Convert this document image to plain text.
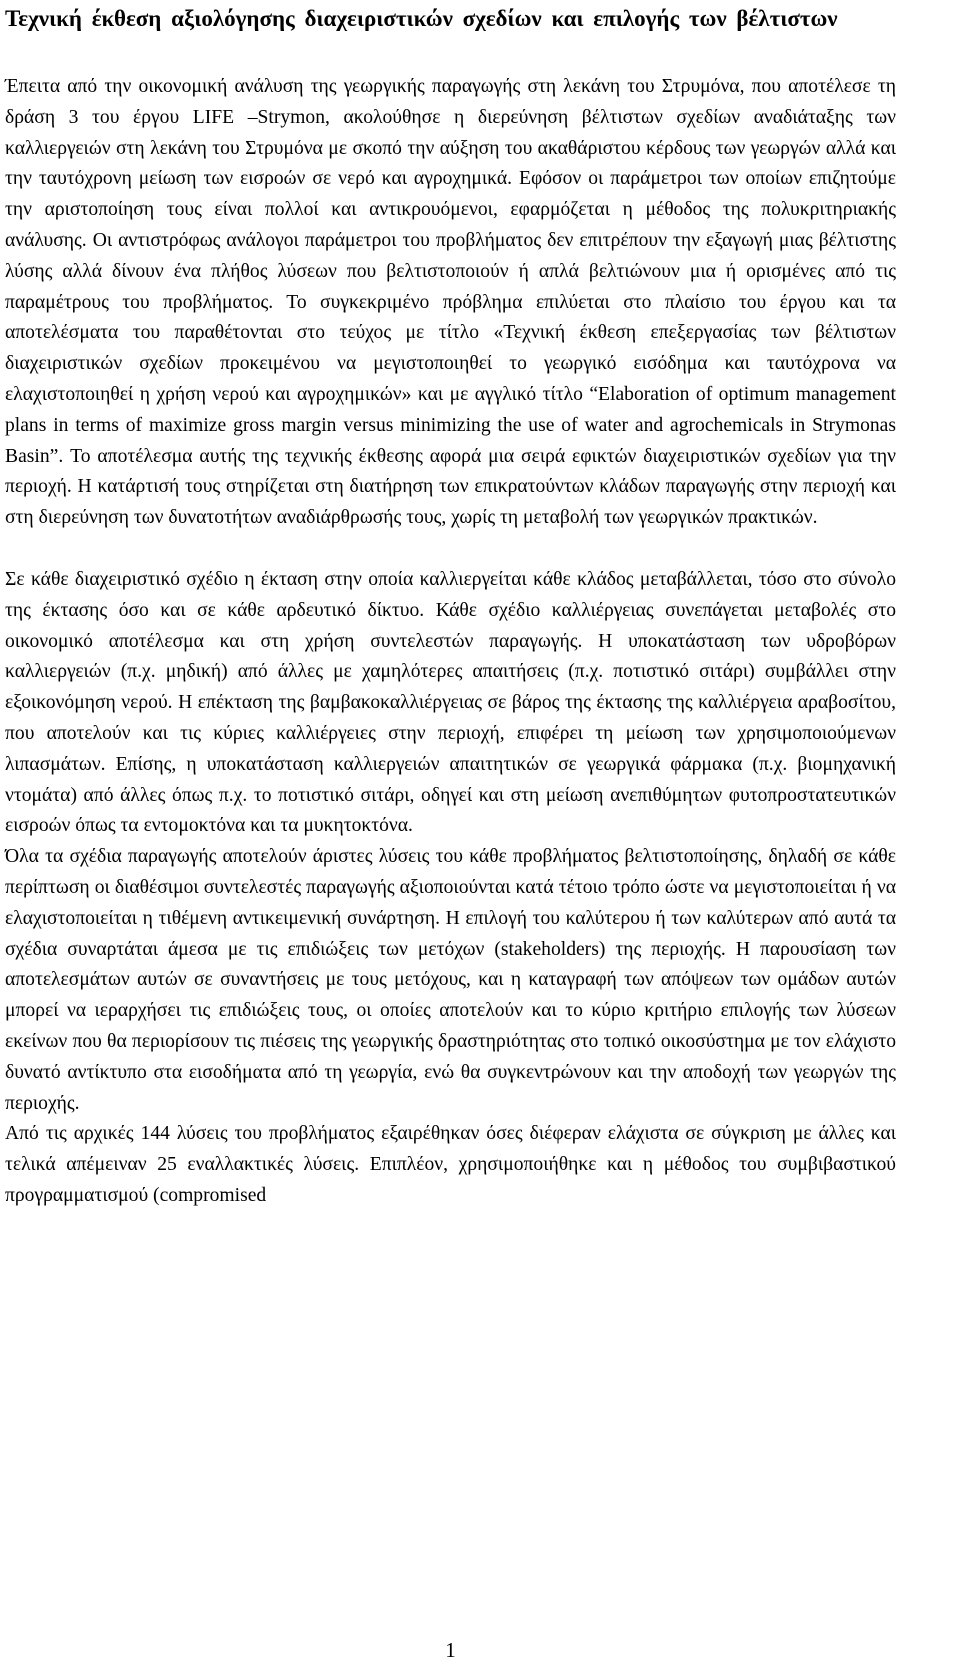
Τεχνική έκθεση αξιολόγησης διαχειριστικών σχεδίων και επιλογής των βέλτιστων

Έπειτα από την οικονομική ανάλυση της γεωργικής παραγωγής στη λεκάνη του Στρυμόνα, που αποτέλεσε τη δράση 3 του έργου LIFE –Strymon, ακολούθησε η διερεύνηση βέλτιστων σχεδίων αναδιάταξης των καλλιεργειών στη λεκάνη του Στρυμόνα με σκοπό την αύξηση του ακαθάριστου κέρδους των γεωργών αλλά και την ταυτόχρονη μείωση των εισροών σε νερό και αγροχημικά. Εφόσον οι παράμετροι των οποίων επιζητούμε την αριστοποίηση τους είναι πολλοί και αντικρουόμενοι, εφαρμόζεται η μέθοδος της πολυκριτηριακής ανάλυσης. Οι αντιστρόφως ανάλογοι παράμετροι του προβλήματος δεν επιτρέπουν την εξαγωγή μιας βέλτιστης λύσης αλλά δίνουν ένα πλήθος λύσεων που βελτιστοποιούν ή απλά βελτιώνουν μια ή ορισμένες από τις παραμέτρους του προβλήματος. Το συγκεκριμένο πρόβλημα επιλύεται στο πλαίσιο του έργου και τα αποτελέσματα του παραθέτονται στο τεύχος με τίτλο «Τεχνική έκθεση επεξεργασίας των βέλτιστων διαχειριστικών σχεδίων προκειμένου να μεγιστοποιηθεί το γεωργικό εισόδημα και ταυτόχρονα να ελαχιστοποιηθεί η χρήση νερού και αγροχημικών» και με αγγλικό τίτλο “Elaboration of optimum management plans in terms of maximize gross margin versus minimizing the use of water and agrochemicals in Strymonas Basin”. Το αποτέλεσμα αυτής της τεχνικής έκθεσης αφορά μια σειρά εφικτών διαχειριστικών σχεδίων για την περιοχή. Η κατάρτισή τους στηρίζεται στη διατήρηση των επικρατούντων κλάδων παραγωγής στην περιοχή και στη διερεύνηση των δυνατοτήτων αναδιάρθρωσής τους, χωρίς τη μεταβολή των γεωργικών πρακτικών.

Σε κάθε διαχειριστικό σχέδιο η έκταση στην οποία καλλιεργείται κάθε κλάδος μεταβάλλεται, τόσο στο σύνολο της έκτασης όσο και σε κάθε αρδευτικό δίκτυο. Κάθε σχέδιο καλλιέργειας συνεπάγεται μεταβολές στο οικονομικό αποτέλεσμα και στη χρήση συντελεστών παραγωγής. Η υποκατάσταση των υδροβόρων καλλιεργειών (π.χ. μηδική) από άλλες με χαμηλότερες απαιτήσεις (π.χ. ποτιστικό σιτάρι) συμβάλλει στην εξοικονόμηση νερού. Η επέκταση της βαμβακοκαλλιέργειας σε βάρος της έκτασης της καλλιέργεια αραβοσίτου, που αποτελούν και τις κύριες καλλιέργειες στην περιοχή, επιφέρει τη μείωση των χρησιμοποιούμενων λιπασμάτων. Επίσης, η υποκατάσταση καλλιεργειών απαιτητικών σε γεωργικά φάρμακα (π.χ. βιομηχανική ντομάτα) από άλλες όπως π.χ. το ποτιστικό σιτάρι, οδηγεί και στη μείωση ανεπιθύμητων φυτοπροστατευτικών εισροών όπως τα εντομοκτόνα και τα μυκητοκτόνα.

Όλα τα σχέδια παραγωγής αποτελούν άριστες λύσεις του κάθε προβλήματος βελτιστοποίησης, δηλαδή σε κάθε περίπτωση οι διαθέσιμοι συντελεστές παραγωγής αξιοποιούνται κατά τέτοιο τρόπο ώστε να μεγιστοποιείται ή να ελαχιστοποιείται η τιθέμενη αντικειμενική συνάρτηση. Η επιλογή του καλύτερου ή των καλύτερων από αυτά τα σχέδια συναρτάται άμεσα με τις επιδιώξεις των μετόχων (stakeholders) της περιοχής. Η παρουσίαση των αποτελεσμάτων αυτών σε συναντήσεις με τους μετόχους, και η καταγραφή των απόψεων των ομάδων αυτών μπορεί να ιεραρχήσει τις επιδιώξεις τους, οι οποίες αποτελούν και το κύριο κριτήριο επιλογής των λύσεων εκείνων που θα περιορίσουν τις πιέσεις της γεωργικής δραστηριότητας στο τοπικό οικοσύστημα με τον ελάχιστο δυνατό αντίκτυπο στα εισοδήματα από τη γεωργία, ενώ θα συγκεντρώνουν και την αποδοχή των γεωργών της περιοχής.

Από τις αρχικές 144 λύσεις του προβλήματος εξαιρέθηκαν όσες διέφεραν ελάχιστα σε σύγκριση με άλλες και τελικά απέμειναν 25 εναλλακτικές λύσεις. Επιπλέον, χρησιμοποιήθηκε και η μέθοδος του συμβιβαστικού προγραμματισμού (compromised

1
